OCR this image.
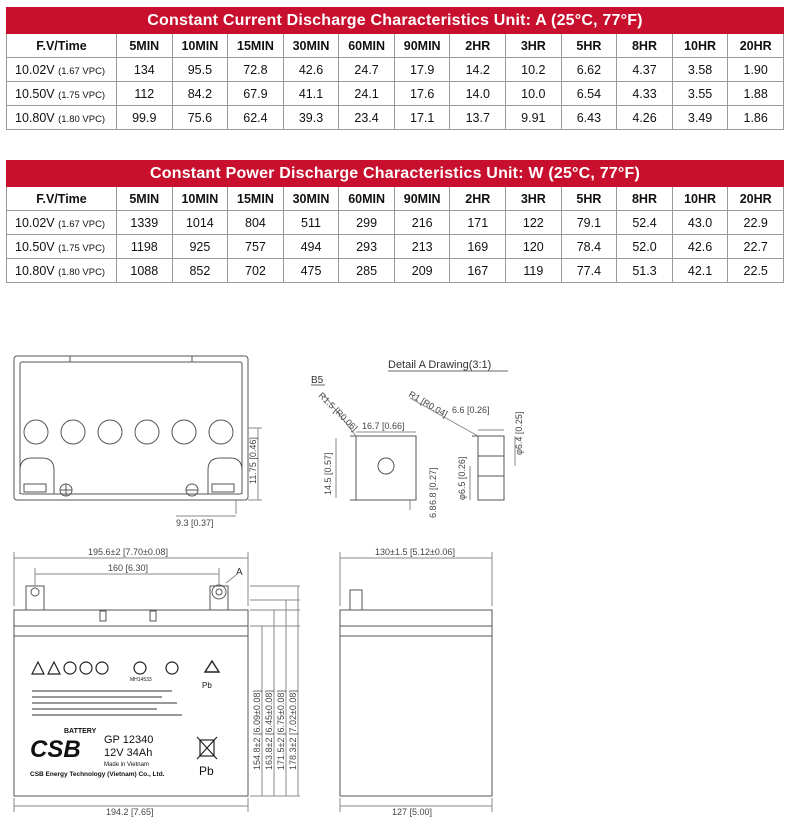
Constant Current Discharge Characteristics Unit: A (25°C, 77°F)												
F.V/Time	5MIN	10MIN	15MIN	30MIN	60MIN	90MIN	2HR	3HR	5HR	8HR	10HR	20HR
10.02V (1.67 VPC)	134	95.5	72.8	42.6	24.7	17.9	14.2	10.2	6.62	4.37	3.58	1.90
10.50V (1.75 VPC)	112	84.2	67.9	41.1	24.1	17.6	14.0	10.0	6.54	4.33	3.55	1.88
10.80V (1.80 VPC)	99.9	75.6	62.4	39.3	23.4	17.1	13.7	9.91	6.43	4.26	3.49	1.86
Constant Power Discharge Characteristics Unit: W (25°C, 77°F)												
F.V/Time	5MIN	10MIN	15MIN	30MIN	60MIN	90MIN	2HR	3HR	5HR	8HR	10HR	20HR
10.02V (1.67 VPC)	1339	1014	804	511	299	216	171	122	79.1	52.4	43.0	22.9
10.50V (1.75 VPC)	1198	925	757	494	293	213	169	120	78.4	52.0	42.6	22.7
10.80V (1.80 VPC)	1088	852	702	475	285	209	167	119	77.4	51.3	42.1	22.5
Detail A Drawing(3:1)
B5
R1.5 [R0.06]	R1 [R0.04]
16.7 [0.66]
6.6 [0.26]
φ6.4 [0.25]
φ6.5 [0.26]
14.5 [0.57]	6.8 [0.27]
6.8
11.75 [0.46]
9.3 [0.37]
195.6±2 [7.70±0.08]
160 [6.30]	A
194.2 [7.65]
130±1.5 [5.12±0.06]
127 [5.00]
154.8±2 [6.09±0.08] 163.8±2 [6.45±0.08] 171.5±2 [6.75±0.08] 178.3±2 [7.02±0.08]
BATTERY
CSB GP 12340
12V 34Ah
Made in Vietnam
CSB Energy Technology (Vietnam) Co., Ltd.
Pb
Pb
MH14533
